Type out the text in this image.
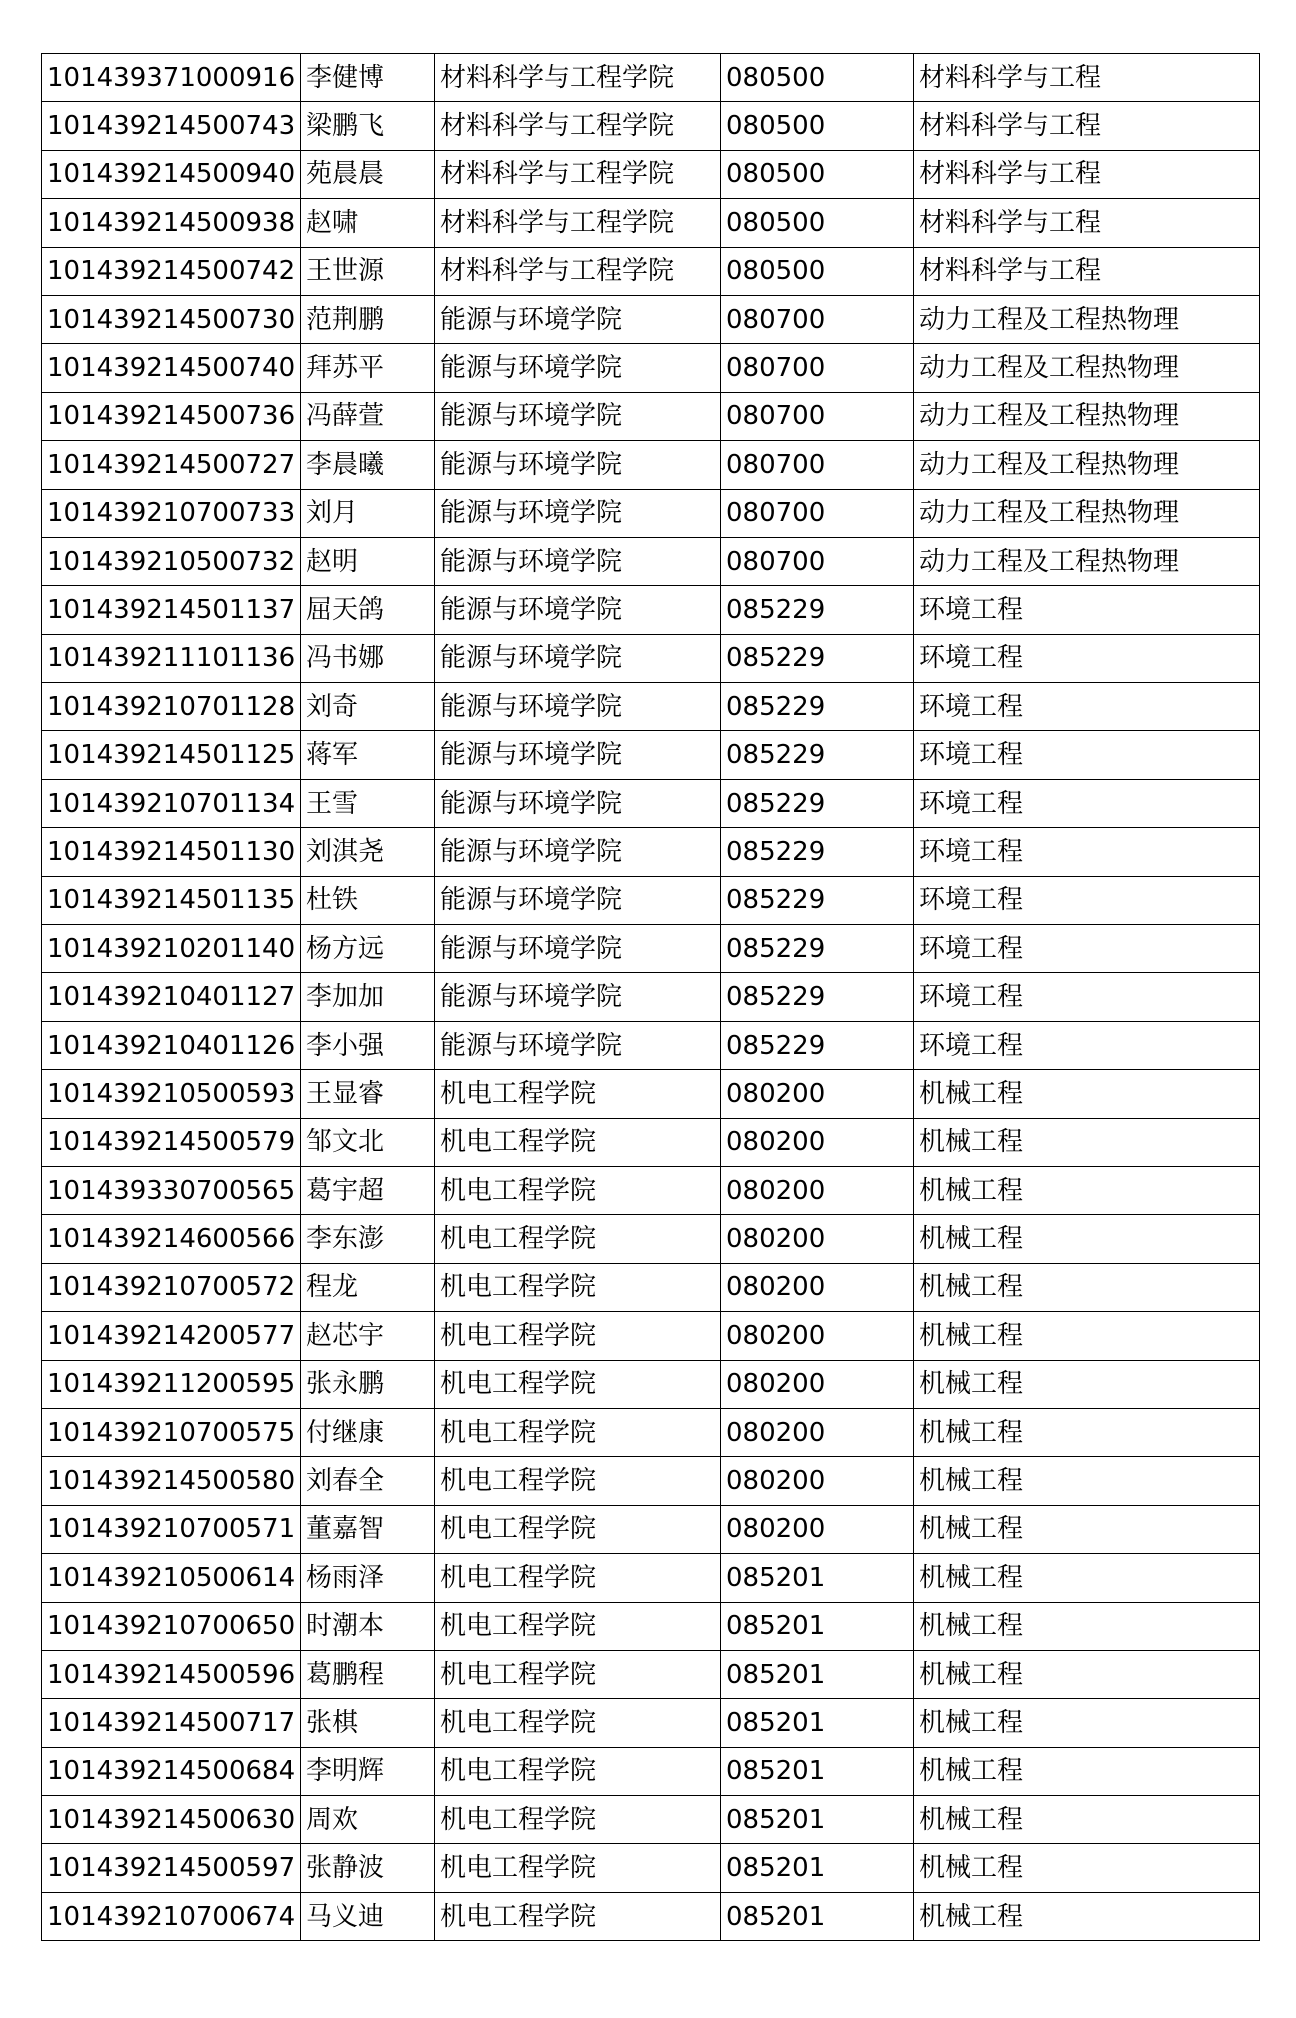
101439371000916	李健博	材料科学与工程学院	080500	材料科学与工程
101439214500743	梁鹏飞	材料科学与工程学院	080500	材料科学与工程
101439214500940	苑晨晨	材料科学与工程学院	080500	材料科学与工程
101439214500938	赵啸	材料科学与工程学院	080500	材料科学与工程
101439214500742	王世源	材料科学与工程学院	080500	材料科学与工程
101439214500730	范荆鹏	能源与环境学院	080700	动力工程及工程热物理
101439214500740	拜苏平	能源与环境学院	080700	动力工程及工程热物理
101439214500736	冯薛萱	能源与环境学院	080700	动力工程及工程热物理
101439214500727	李晨曦	能源与环境学院	080700	动力工程及工程热物理
101439210700733	刘月	能源与环境学院	080700	动力工程及工程热物理
101439210500732	赵明	能源与环境学院	080700	动力工程及工程热物理
101439214501137	屈天鸽	能源与环境学院	085229	环境工程
101439211101136	冯书娜	能源与环境学院	085229	环境工程
101439210701128	刘奇	能源与环境学院	085229	环境工程
101439214501125	蒋军	能源与环境学院	085229	环境工程
101439210701134	王雪	能源与环境学院	085229	环境工程
101439214501130	刘淇尧	能源与环境学院	085229	环境工程
101439214501135	杜铁	能源与环境学院	085229	环境工程
101439210201140	杨方远	能源与环境学院	085229	环境工程
101439210401127	李加加	能源与环境学院	085229	环境工程
101439210401126	李小强	能源与环境学院	085229	环境工程
101439210500593	王显睿	机电工程学院	080200	机械工程
101439214500579	邹文北	机电工程学院	080200	机械工程
101439330700565	葛宇超	机电工程学院	080200	机械工程
101439214600566	李东澎	机电工程学院	080200	机械工程
101439210700572	程龙	机电工程学院	080200	机械工程
101439214200577	赵芯宇	机电工程学院	080200	机械工程
101439211200595	张永鹏	机电工程学院	080200	机械工程
101439210700575	付继康	机电工程学院	080200	机械工程
101439214500580	刘春全	机电工程学院	080200	机械工程
101439210700571	董嘉智	机电工程学院	080200	机械工程
101439210500614	杨雨泽	机电工程学院	085201	机械工程
101439210700650	时潮本	机电工程学院	085201	机械工程
101439214500596	葛鹏程	机电工程学院	085201	机械工程
101439214500717	张棋	机电工程学院	085201	机械工程
101439214500684	李明辉	机电工程学院	085201	机械工程
101439214500630	周欢	机电工程学院	085201	机械工程
101439214500597	张静波	机电工程学院	085201	机械工程
101439210700674	马义迪	机电工程学院	085201	机械工程
